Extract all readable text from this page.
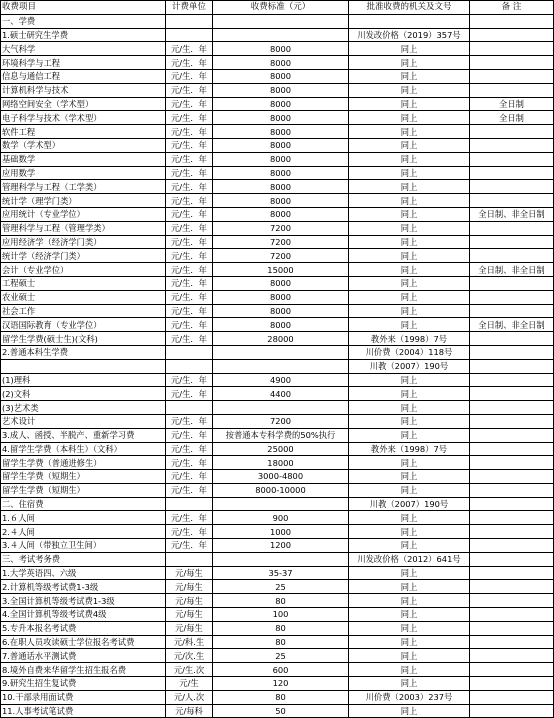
收费项目	计费单位	收费标准（元）	批准收费的机关及文号	备 注
一、学费				
1.硕士研究生学费			川发改价格（2019）357号	
大气科学	元/生．年	8000	同上	
环境科学与工程	元/生．年	8000	同上	
信息与通信工程	元/生．年	8000	同上	
计算机科学与技术	元/生．年	8000	同上	
网络空间安全（学术型）	元/生．年	8000	同上	全日制
电子科学与技术（学术型）	元/生．年	8000	同上	全日制
软件工程	元/生．年	8000	同上	
数学（学术型）	元/生．年	8000	同上	
基础数学	元/生．年	8000	同上	
应用数学	元/生．年	8000	同上	
管理科学与工程（工学类）	元/生．年	8000	同上	
统计学（理学门类）	元/生．年	8000	同上	
应用统计（专业学位）	元/生．年	8000	同上	全日制、非全日制
管理科学与工程（管理学类）	元/生．年	7200	同上	
应用经济学（经济学门类）	元/生．年	7200	同上	
统计学（经济学门类）	元/生．年	7200	同上	
会计（专业学位）	元/生．年	15000	同上	全日制、非全日制
工程硕士	元/生．年	8000	同上	
农业硕士	元/生．年	8000	同上	
社会工作	元/生．年	8000	同上	
汉语国际教育（专业学位）	元/生．年	8000	同上	全日制、非全日制
留学生学费(硕士生)(文科)	元/生．年	28000	教外来（1998）7号	
2.普通本科生学费			川价费（2004）118号	
			川教（2007）190号	
(1)理科	元/生．年	4900	同上	
(2)文科	元/生．年	4400	同上	
(3)艺术类			同上	
艺术设计	元/生．年	7200	同上	
3.成人、函授、半脱产、重新学习费	元/生．年	按普通本专科学费的50%执行	同上	
4.留学生学费（本科生）（文科）	元/生．年	25000	教外来（1998）7号	
留学生学费（普通进修生）	元/生．年	18000	同上	
留学生学费（短期生）	元/生．年	3000-4800	同上	
留学生学费（短期生）	元/生．年	8000-10000	同上	
二、住宿费			川教（2007）190号	
1.６人间	元/生．年	900	同上	
2.４人间	元/生．年	1000	同上	
3.４人间（带独立卫生间）	元/生．年	1200	同上	
三、考试考务费			川发改价格（2012）641号	
1.大学英语四、六级	元/每生	35-37	同上	
2.计算机等级考试费1-3级	元/每生	25	同上	
3.全国计算机等级考试费1-3级	元/每生	80	同上	
4.全国计算机等级考试费4级	元/每生	100	同上	
5.专升本报名考试费	元/每生	80	同上	
6.在职人员攻读硕士学位报名考试费	元/科.生	80	同上	
7.普通话水平测试费	元/次.生	25	同上	
8.境外自费来华留学生招生报名费	元/生.次	600	同上	
9.研究生招生复试费	元/生	120	同上	
10.干部录用面试费	元/人.次	80	川价费（2003）237号	
11.人事考试笔试费	元/每科	50	同上	
